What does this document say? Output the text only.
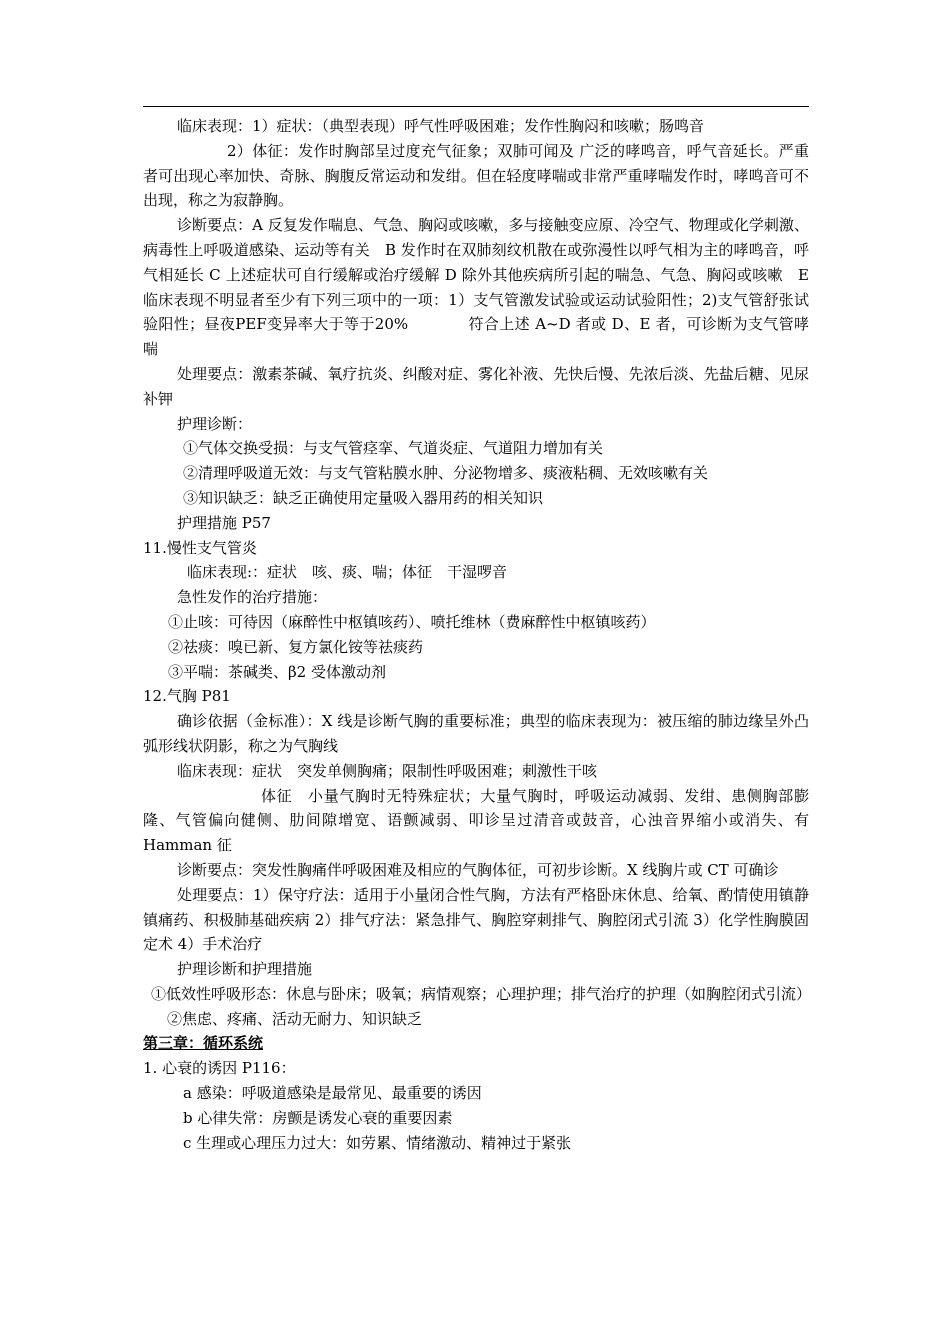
临床表现：1）症状：（典型表现）呼气性呼吸困难；发作性胸闷和咳嗽；肠鸣音

2）体征：发作时胸部呈过度充气征象；双肺可闻及 广泛的哮鸣音，呼气音延长。严重者可出现心率加快、奇脉、胸腹反常运动和发绀。但在轻度哮喘或非常严重哮喘发作时，哮鸣音可不出现，称之为寂静胸。

诊断要点：A 反复发作喘息、气急、胸闷或咳嗽，多与接触变应原、冷空气、物理或化学刺激、病毒性上呼吸道感染、运动等有关　B 发作时在双肺刻纹机散在或弥漫性以呼气相为主的哮鸣音，呼气相延长 C 上述症状可自行缓解或治疗缓解 D 除外其他疾病所引起的喘急、气急、胸闷或咳嗽　E 临床表现不明显者至少有下列三项中的一项：1）支气管激发试验或运动试验阳性；2)支气管舒张试验阳性；昼夜PEF变异率大于等于20%	符合上述 A~D 者或 D、E 者，可诊断为支气管哮喘

处理要点：激素茶碱、氧疗抗炎、纠酸对症、雾化补液、先快后慢、先浓后淡、先盐后糖、见尿补钾

护理诊断：

①气体交换受损：与支气管痉挛、气道炎症、气道阻力增加有关

②清理呼吸道无效：与支气管粘膜水肿、分泌物增多、痰液粘稠、无效咳嗽有关

③知识缺乏：缺乏正确使用定量吸入器用药的相关知识

护理措施 P57

11.慢性支气管炎

临床表现:：症状　咳、痰、喘；体征　干湿啰音

急性发作的治疗措施：

①止咳：可待因（麻醉性中枢镇咳药）、喷托维林（费麻醉性中枢镇咳药）

②祛痰：嗅已新、复方氯化铵等祛痰药

③平喘：茶碱类、β2 受体激动剂

12.气胸 P81

确诊依据（金标准）：X 线是诊断气胸的重要标准；典型的临床表现为：被压缩的肺边缘呈外凸弧形线状阴影，称之为气胸线

临床表现：症状　突发单侧胸痛；限制性呼吸困难；刺激性干咳

体征　小量气胸时无特殊症状；大量气胸时，呼吸运动减弱、发绀、患侧胸部膨隆、气管偏向健侧、肋间隙增宽、语颤减弱、叩诊呈过清音或鼓音，心浊音界缩小或消失、有 Hamman 征

诊断要点：突发性胸痛伴呼吸困难及相应的气胸体征，可初步诊断。X 线胸片或 CT 可确诊

处理要点：1）保守疗法：适用于小量闭合性气胸，方法有严格卧床休息、给氧、酌情使用镇静镇痛药、积极肺基础疾病 2）排气疗法：紧急排气、胸腔穿刺排气、胸腔闭式引流 3）化学性胸膜固定术 4）手术治疗

护理诊断和护理措施

①低效性呼吸形态：休息与卧床；吸氧；病情观察；心理护理；排气治疗的护理（如胸腔闭式引流）

②焦虑、疼痛、活动无耐力、知识缺乏

第三章：循环系统

1. 心衰的诱因 P116：

a 感染：呼吸道感染是最常见、最重要的诱因

b 心律失常：房颤是诱发心衰的重要因素

c 生理或心理压力过大：如劳累、情绪激动、精神过于紧张
